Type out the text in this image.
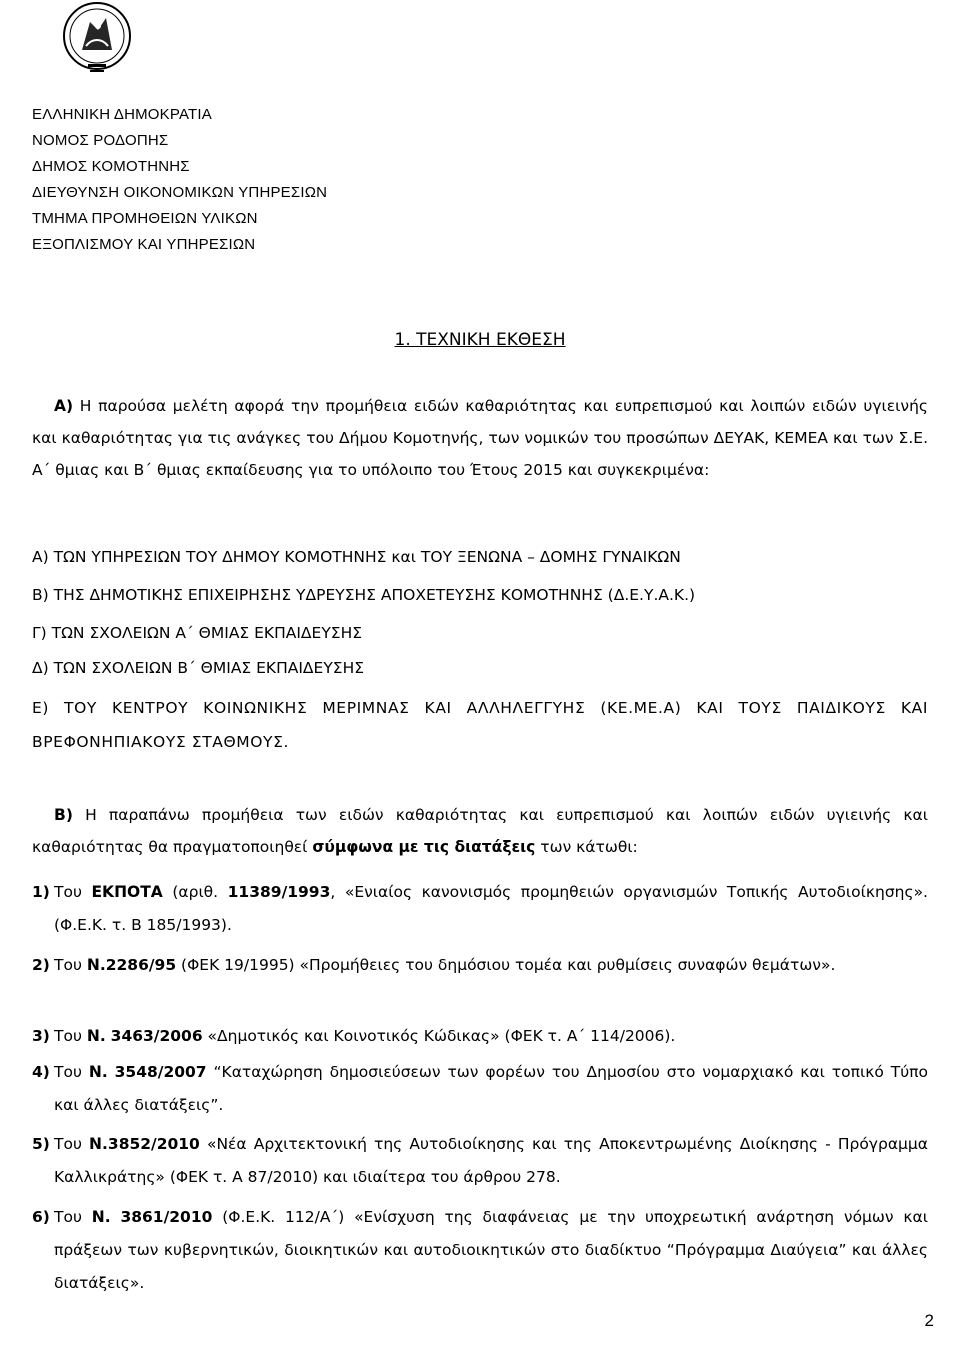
ΕΛΛΗΝΙΚΗ ΔΗΜΟΚΡΑΤΙΑ
ΝΟΜΟΣ ΡΟΔΟΠΗΣ
ΔΗΜΟΣ ΚΟΜΟΤΗΝΗΣ
ΔΙΕΥΘΥΝΣΗ ΟΙΚΟΝΟΜΙΚΩΝ ΥΠΗΡΕΣΙΩΝ
ΤΜΗΜΑ ΠΡΟΜΗΘΕΙΩΝ ΥΛΙΚΩΝ
ΕΞΟΠΛΙΣΜΟΥ ΚΑΙ ΥΠΗΡΕΣΙΩΝ
1. ΤΕΧΝΙΚΗ ΕΚΘΕΣΗ
Α) Η παρούσα μελέτη αφορά την προμήθεια ειδών καθαριότητας και ευπρεπισμού και λοιπών ειδών υγιεινής και καθαριότητας για τις ανάγκες του Δήμου Κομοτηνής, των νομικών του προσώπων ΔΕΥΑΚ, ΚΕΜΕΑ και των Σ.Ε. Α΄ θμιας και Β΄ θμιας εκπαίδευσης για το υπόλοιπο του Έτους 2015 και συγκεκριμένα:
Α) ΤΩΝ ΥΠΗΡΕΣΙΩΝ ΤΟΥ ΔΗΜΟΥ ΚΟΜΟΤΗΝΗΣ και ΤΟΥ ΞΕΝΩΝΑ – ΔΟΜΗΣ ΓΥΝΑΙΚΩΝ
Β) ΤΗΣ ΔΗΜΟΤΙΚΗΣ ΕΠΙΧΕΙΡΗΣΗΣ ΥΔΡΕΥΣΗΣ ΑΠΟΧΕΤΕΥΣΗΣ ΚΟΜΟΤΗΝΗΣ (Δ.Ε.Υ.Α.Κ.)
Γ) ΤΩΝ ΣΧΟΛΕΙΩΝ Α΄ ΘΜΙΑΣ ΕΚΠΑΙΔΕΥΣΗΣ
Δ) ΤΩΝ ΣΧΟΛΕΙΩΝ Β΄ ΘΜΙΑΣ ΕΚΠΑΙΔΕΥΣΗΣ
Ε) ΤΟΥ ΚΕΝΤΡΟΥ ΚΟΙΝΩΝΙΚΗΣ ΜΕΡΙΜΝΑΣ ΚΑΙ ΑΛΛΗΛΕΓΓΥΗΣ (ΚΕ.ΜΕ.Α) ΚΑΙ ΤΟΥΣ ΠΑΙΔΙΚΟΥΣ ΚΑΙ ΒΡΕΦΟΝΗΠΙΑΚΟΥΣ ΣΤΑΘΜΟΥΣ.
Β) Η παραπάνω προμήθεια των ειδών καθαριότητας και ευπρεπισμού και λοιπών ειδών υγιεινής και καθαριότητας θα πραγματοποιηθεί σύμφωνα με τις διατάξεις των κάτωθι:
1) Του ΕΚΠΟΤΑ (αριθ. 11389/1993, «Ενιαίος κανονισμός προμηθειών οργανισμών Τοπικής Αυτοδιοίκησης». (Φ.Ε.Κ. τ. Β 185/1993).
2) Του Ν.2286/95 (ΦΕΚ 19/1995) «Προμήθειες του δημόσιου τομέα και ρυθμίσεις συναφών θεμάτων».
3) Του Ν. 3463/2006 «Δημοτικός και Κοινοτικός Κώδικας» (ΦΕΚ τ. Α΄ 114/2006).
4) Του Ν. 3548/2007 “Καταχώρηση δημοσιεύσεων των φορέων του Δημοσίου στο νομαρχιακό και τοπικό Τύπο και άλλες διατάξεις”.
5) Του Ν.3852/2010 «Νέα Αρχιτεκτονική της Αυτοδιοίκησης και της Αποκεντρωμένης Διοίκησης - Πρόγραμμα Καλλικράτης» (ΦΕΚ τ. Α 87/2010) και ιδιαίτερα του άρθρου 278.
6) Του Ν. 3861/2010 (Φ.Ε.Κ. 112/Α΄) «Ενίσχυση της διαφάνειας με την υποχρεωτική ανάρτηση νόμων και πράξεων των κυβερνητικών, διοικητικών και αυτοδιοικητικών στο διαδίκτυο “Πρόγραμμα Διαύγεια” και άλλες διατάξεις».
2
